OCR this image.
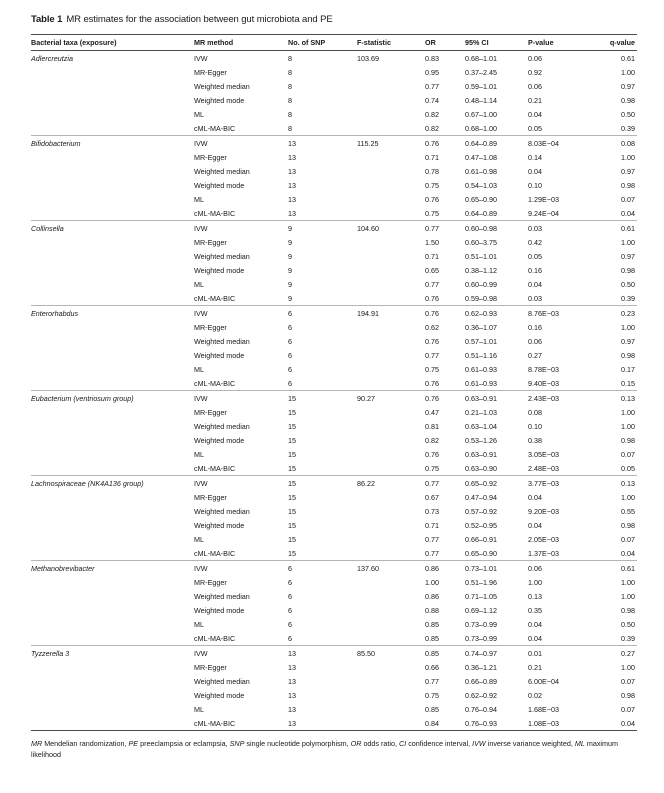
Table 1 MR estimates for the association between gut microbiota and PE
Bacterial taxa (exposure)	MR method	No. of SNP	F-statistic	OR	95% CI	P-value	q-value
Adlercreutzia	IVW	8	103.69	0.83	0.68–1.01	0.06	0.61
	MR-Egger	8		0.95	0.37–2.45	0.92	1.00
	Weighted median	8		0.77	0.59–1.01	0.06	0.97
	Weighted mode	8		0.74	0.48–1.14	0.21	0.98
	ML	8		0.82	0.67–1.00	0.04	0.50
	cML-MA-BIC	8		0.82	0.68–1.00	0.05	0.39
Bifidobacterium	IVW	13	115.25	0.76	0.64–0.89	8.03E−04	0.08
	MR-Egger	13		0.71	0.47–1.08	0.14	1.00
	Weighted median	13		0.78	0.61–0.98	0.04	0.97
	Weighted mode	13		0.75	0.54–1.03	0.10	0.98
	ML	13		0.76	0.65–0.90	1.29E−03	0.07
	cML-MA-BIC	13		0.75	0.64–0.89	9.24E−04	0.04
Collinsella	IVW	9	104.60	0.77	0.60–0.98	0.03	0.61
	MR-Egger	9		1.50	0.60–3.75	0.42	1.00
	Weighted median	9		0.71	0.51–1.01	0.05	0.97
	Weighted mode	9		0.65	0.38–1.12	0.16	0.98
	ML	9		0.77	0.60–0.99	0.04	0.50
	cML-MA-BIC	9		0.76	0.59–0.98	0.03	0.39
Enterorhabdus	IVW	6	194.91	0.76	0.62–0.93	8.76E−03	0.23
	MR-Egger	6		0.62	0.36–1.07	0.16	1.00
	Weighted median	6		0.76	0.57–1.01	0.06	0.97
	Weighted mode	6		0.77	0.51–1.16	0.27	0.98
	ML	6		0.75	0.61–0.93	8.78E−03	0.17
	cML-MA-BIC	6		0.76	0.61–0.93	9.40E−03	0.15
Eubacterium (ventriosum group)	IVW	15	90.27	0.76	0.63–0.91	2.43E−03	0.13
	MR-Egger	15		0.47	0.21–1.03	0.08	1.00
	Weighted median	15		0.81	0.63–1.04	0.10	1.00
	Weighted mode	15		0.82	0.53–1.26	0.38	0.98
	ML	15		0.76	0.63–0.91	3.05E−03	0.07
	cML-MA-BIC	15		0.75	0.63–0.90	2.48E−03	0.05
Lachnospiraceae (NK4A136 group)	IVW	15	86.22	0.77	0.65–0.92	3.77E−03	0.13
	MR-Egger	15		0.67	0.47–0.94	0.04	1.00
	Weighted median	15		0.73	0.57–0.92	9.20E−03	0.55
	Weighted mode	15		0.71	0.52–0.95	0.04	0.98
	ML	15		0.77	0.66–0.91	2.05E−03	0.07
	cML-MA-BIC	15		0.77	0.65–0.90	1.37E−03	0.04
Methanobrevibacter	IVW	6	137.60	0.86	0.73–1.01	0.06	0.61
	MR-Egger	6		1.00	0.51–1.96	1.00	1.00
	Weighted median	6		0.86	0.71–1.05	0.13	1.00
	Weighted mode	6		0.88	0.69–1.12	0.35	0.98
	ML	6		0.85	0.73–0.99	0.04	0.50
	cML-MA-BIC	6		0.85	0.73–0.99	0.04	0.39
Tyzzerella 3	IVW	13	85.50	0.85	0.74–0.97	0.01	0.27
	MR-Egger	13		0.66	0.36–1.21	0.21	1.00
	Weighted median	13		0.77	0.66–0.89	6.00E−04	0.07
	Weighted mode	13		0.75	0.62–0.92	0.02	0.98
	ML	13		0.85	0.76–0.94	1.68E−03	0.07
	cML-MA-BIC	13		0.84	0.76–0.93	1.08E−03	0.04
MR Mendelian randomization, PE preeclampsia or eclampsia, SNP single nucleotide polymorphism, OR odds ratio, CI confidence interval, IVW inverse variance weighted, ML maximum likelihood
